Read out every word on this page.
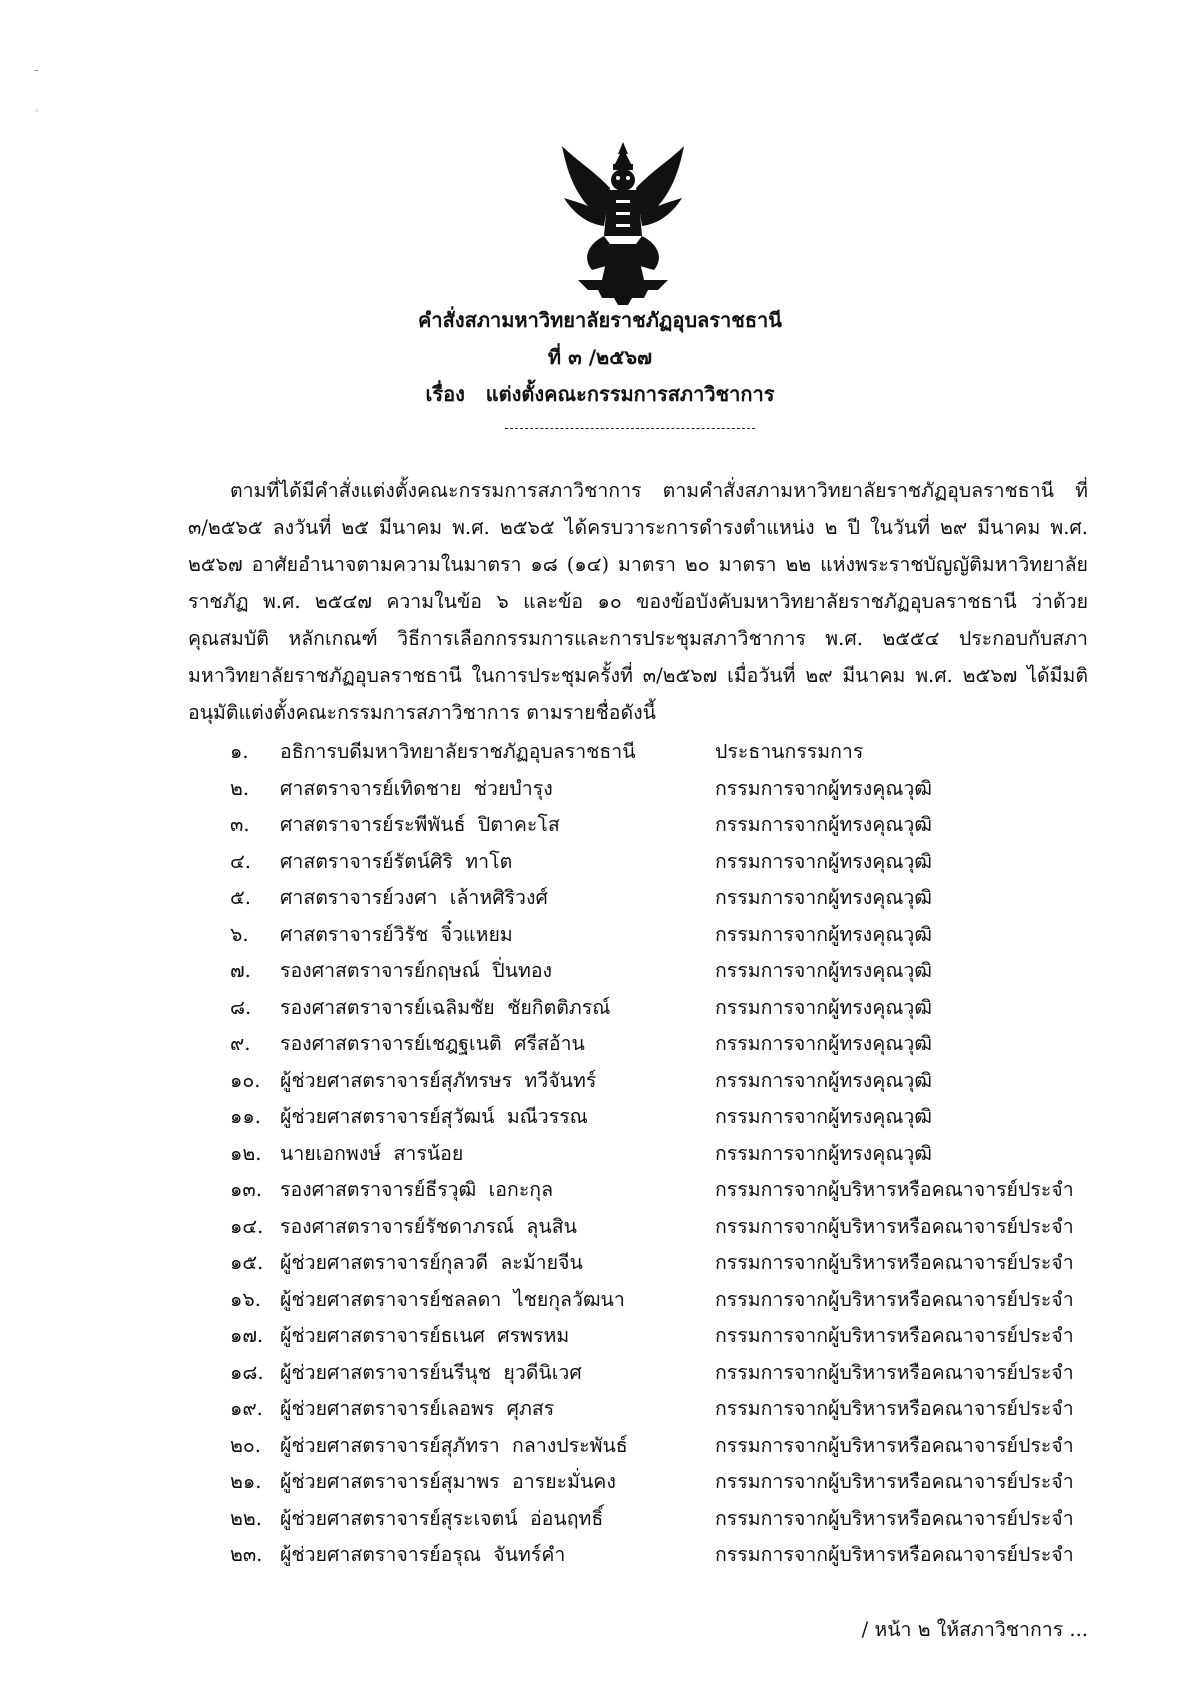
-
◦
คำสั่งสภามหาวิทยาลัยราชภัฏอุบลราชธานี
ที่ ๓ /๒๕๖๗
เรื่อง   แต่งตั้งคณะกรรมการสภาวิชาการ
ตามที่ได้มีคำสั่งแต่งตั้งคณะกรรมการสภาวิชาการ ตามคำสั่งสภามหาวิทยาลัยราชภัฏอุบลราชธานี ที่ ๓/๒๕๖๕ ลงวันที่ ๒๕ มีนาคม พ.ศ. ๒๕๖๕ ได้ครบวาระการดำรงตำแหน่ง ๒ ปี ในวันที่ ๒๙ มีนาคม พ.ศ. ๒๕๖๗ อาศัยอำนาจตามความในมาตรา ๑๘ (๑๔) มาตรา ๒๐ มาตรา ๒๒ แห่งพระราชบัญญัติมหาวิทยาลัยราชภัฏ พ.ศ. ๒๕๔๗ ความในข้อ ๖ และข้อ ๑๐ ของข้อบังคับมหาวิทยาลัยราชภัฏอุบลราชธานี ว่าด้วย คุณสมบัติ หลักเกณฑ์ วิธีการเลือกกรรมการและการประชุมสภาวิชาการ พ.ศ. ๒๕๕๔ ประกอบกับสภามหาวิทยาลัยราชภัฏอุบลราชธานี ในการประชุมครั้งที่ ๓/๒๕๖๗ เมื่อวันที่ ๒๙ มีนาคม พ.ศ. ๒๕๖๗ ได้มีมติอนุมัติแต่งตั้งคณะกรรมการสภาวิชาการ ตามรายชื่อดังนี้
๑. อธิการบดีมหาวิทยาลัยราชภัฏอุบลราชธานี	ประธานกรรมการ
๒. ศาสตราจารย์เทิดชาย  ช่วยบำรุง	กรรมการจากผู้ทรงคุณวุฒิ
๓. ศาสตราจารย์ระพีพันธ์  ปิตาคะโส	กรรมการจากผู้ทรงคุณวุฒิ
๔. ศาสตราจารย์รัตน์ศิริ  ทาโต	กรรมการจากผู้ทรงคุณวุฒิ
๕. ศาสตราจารย์วงศา  เล้าหศิริวงศ์	กรรมการจากผู้ทรงคุณวุฒิ
๖. ศาสตราจารย์วิรัช  จิ๋วแหยม	กรรมการจากผู้ทรงคุณวุฒิ
๗. รองศาสตราจารย์กฤษณ์  ปิ่นทอง	กรรมการจากผู้ทรงคุณวุฒิ
๘. รองศาสตราจารย์เฉลิมชัย  ชัยกิตติภรณ์	กรรมการจากผู้ทรงคุณวุฒิ
๙. รองศาสตราจารย์เชฎฐเนติ  ศรีสอ้าน	กรรมการจากผู้ทรงคุณวุฒิ
๑๐. ผู้ช่วยศาสตราจารย์สุภัทรษร  ทวีจันทร์	กรรมการจากผู้ทรงคุณวุฒิ
๑๑. ผู้ช่วยศาสตราจารย์สุวัฒน์  มณีวรรณ	กรรมการจากผู้ทรงคุณวุฒิ
๑๒. นายเอกพงษ์  สารน้อย	กรรมการจากผู้ทรงคุณวุฒิ
๑๓. รองศาสตราจารย์ธีรวุฒิ  เอกะกุล	กรรมการจากผู้บริหารหรือคณาจารย์ประจำ
๑๔. รองศาสตราจารย์รัชดาภรณ์  ลุนสิน	กรรมการจากผู้บริหารหรือคณาจารย์ประจำ
๑๕. ผู้ช่วยศาสตราจารย์กุลวดี  ละม้ายจีน	กรรมการจากผู้บริหารหรือคณาจารย์ประจำ
๑๖. ผู้ช่วยศาสตราจารย์ชลลดา  ไชยกุลวัฒนา	กรรมการจากผู้บริหารหรือคณาจารย์ประจำ
๑๗. ผู้ช่วยศาสตราจารย์ธเนศ  ศรพรหม	กรรมการจากผู้บริหารหรือคณาจารย์ประจำ
๑๘. ผู้ช่วยศาสตราจารย์นรีนุช  ยุวดีนิเวศ	กรรมการจากผู้บริหารหรือคณาจารย์ประจำ
๑๙. ผู้ช่วยศาสตราจารย์เลอพร  ศุภสร	กรรมการจากผู้บริหารหรือคณาจารย์ประจำ
๒๐. ผู้ช่วยศาสตราจารย์สุภัทรา  กลางประพันธ์	กรรมการจากผู้บริหารหรือคณาจารย์ประจำ
๒๑. ผู้ช่วยศาสตราจารย์สุมาพร  อารยะมั่นคง	กรรมการจากผู้บริหารหรือคณาจารย์ประจำ
๒๒. ผู้ช่วยศาสตราจารย์สุระเจตน์  อ่อนฤทธิ์	กรรมการจากผู้บริหารหรือคณาจารย์ประจำ
๒๓. ผู้ช่วยศาสตราจารย์อรุณ  จันทร์คำ	กรรมการจากผู้บริหารหรือคณาจารย์ประจำ
/ หน้า ๒ ให้สภาวิชาการ ...
